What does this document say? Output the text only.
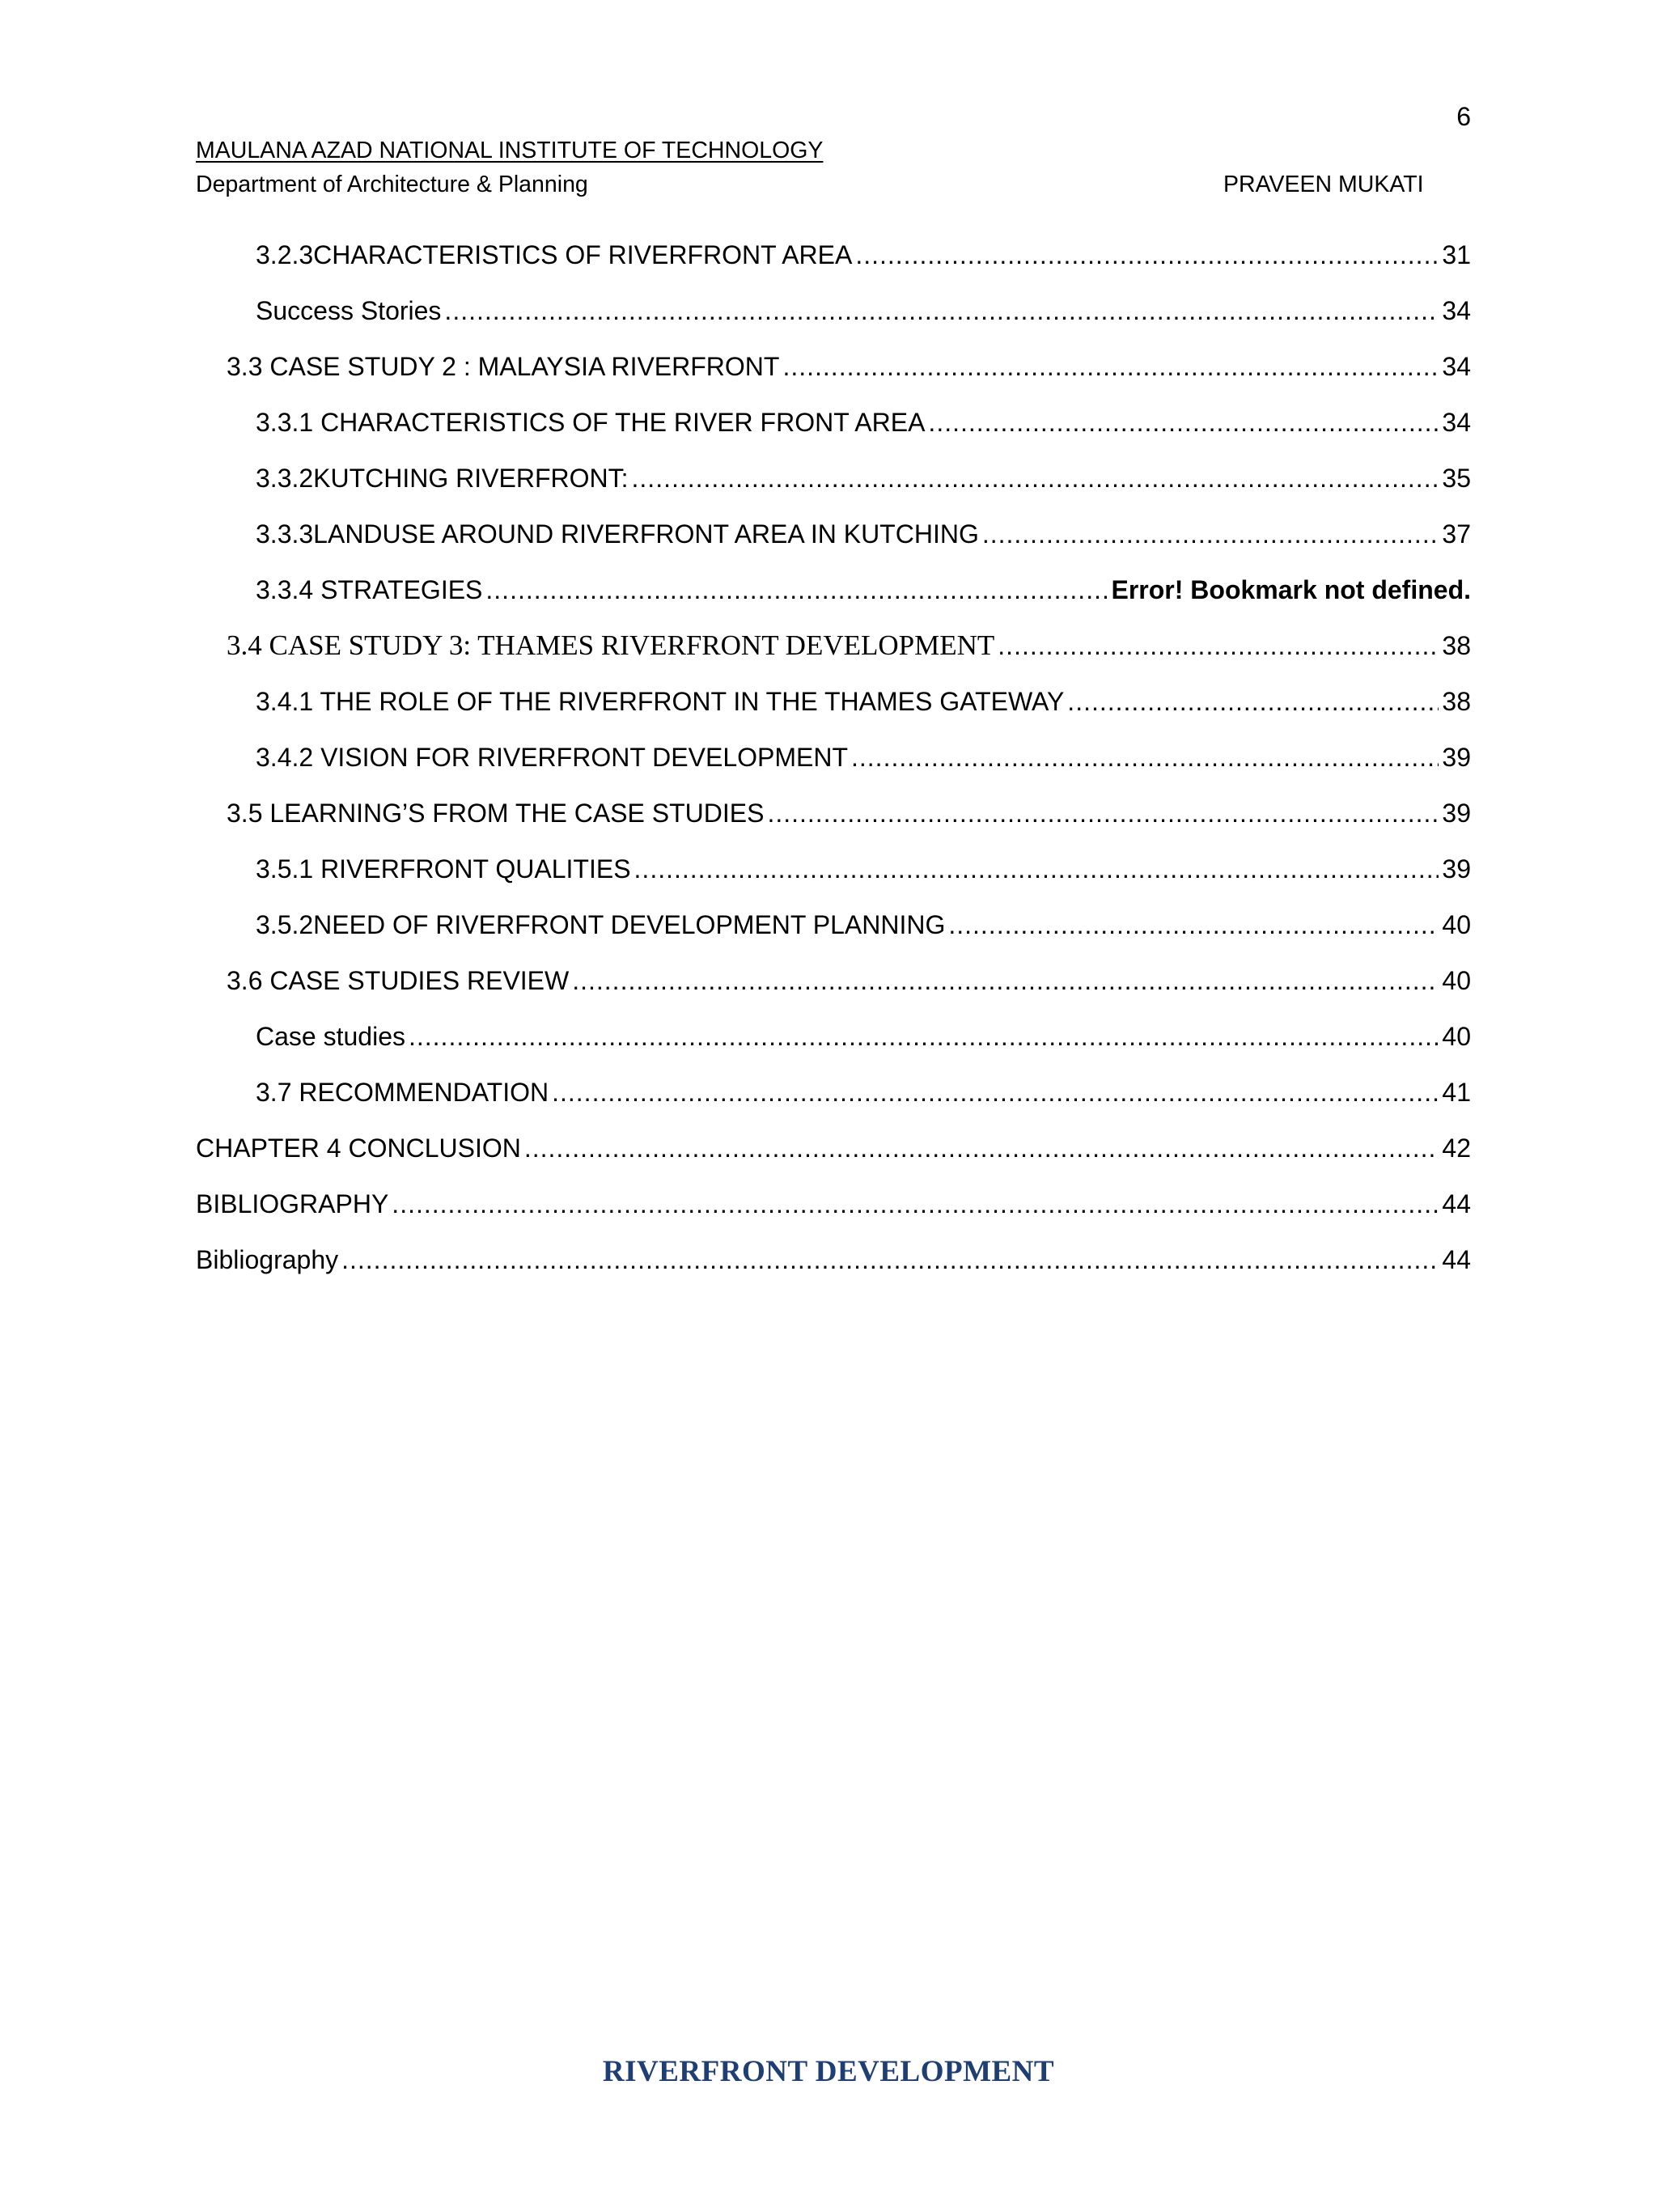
6
MAULANA AZAD NATIONAL INSTITUTE OF TECHNOLOGY
Department of Architecture & Planning	PRAVEEN MUKATI
3.2.3CHARACTERISTICS OF RIVERFRONT AREA .....	31
Success Stories .....	34
3.3 CASE STUDY 2 : MALAYSIA RIVERFRONT .....	34
3.3.1 CHARACTERISTICS OF THE RIVER FRONT AREA .....	34
3.3.2KUTCHING RIVERFRONT: .....	35
3.3.3LANDUSE AROUND RIVERFRONT AREA IN KUTCHING .....	37
3.3.4 STRATEGIES .....	Error! Bookmark not defined.
3.4 CASE STUDY 3: THAMES RIVERFRONT DEVELOPMENT .....	38
3.4.1 THE ROLE OF THE RIVERFRONT IN THE THAMES GATEWAY .....	38
3.4.2 VISION FOR RIVERFRONT DEVELOPMENT .....	39
3.5 LEARNING’S FROM THE CASE STUDIES .....	39
3.5.1 RIVERFRONT QUALITIES .....	39
3.5.2NEED OF RIVERFRONT DEVELOPMENT PLANNING .....	40
3.6 CASE STUDIES REVIEW .....	40
Case studies .....	40
3.7 RECOMMENDATION .....	41
CHAPTER 4 CONCLUSION .....	42
BIBLIOGRAPHY .....	44
Bibliography .....	44
RIVERFRONT DEVELOPMENT
